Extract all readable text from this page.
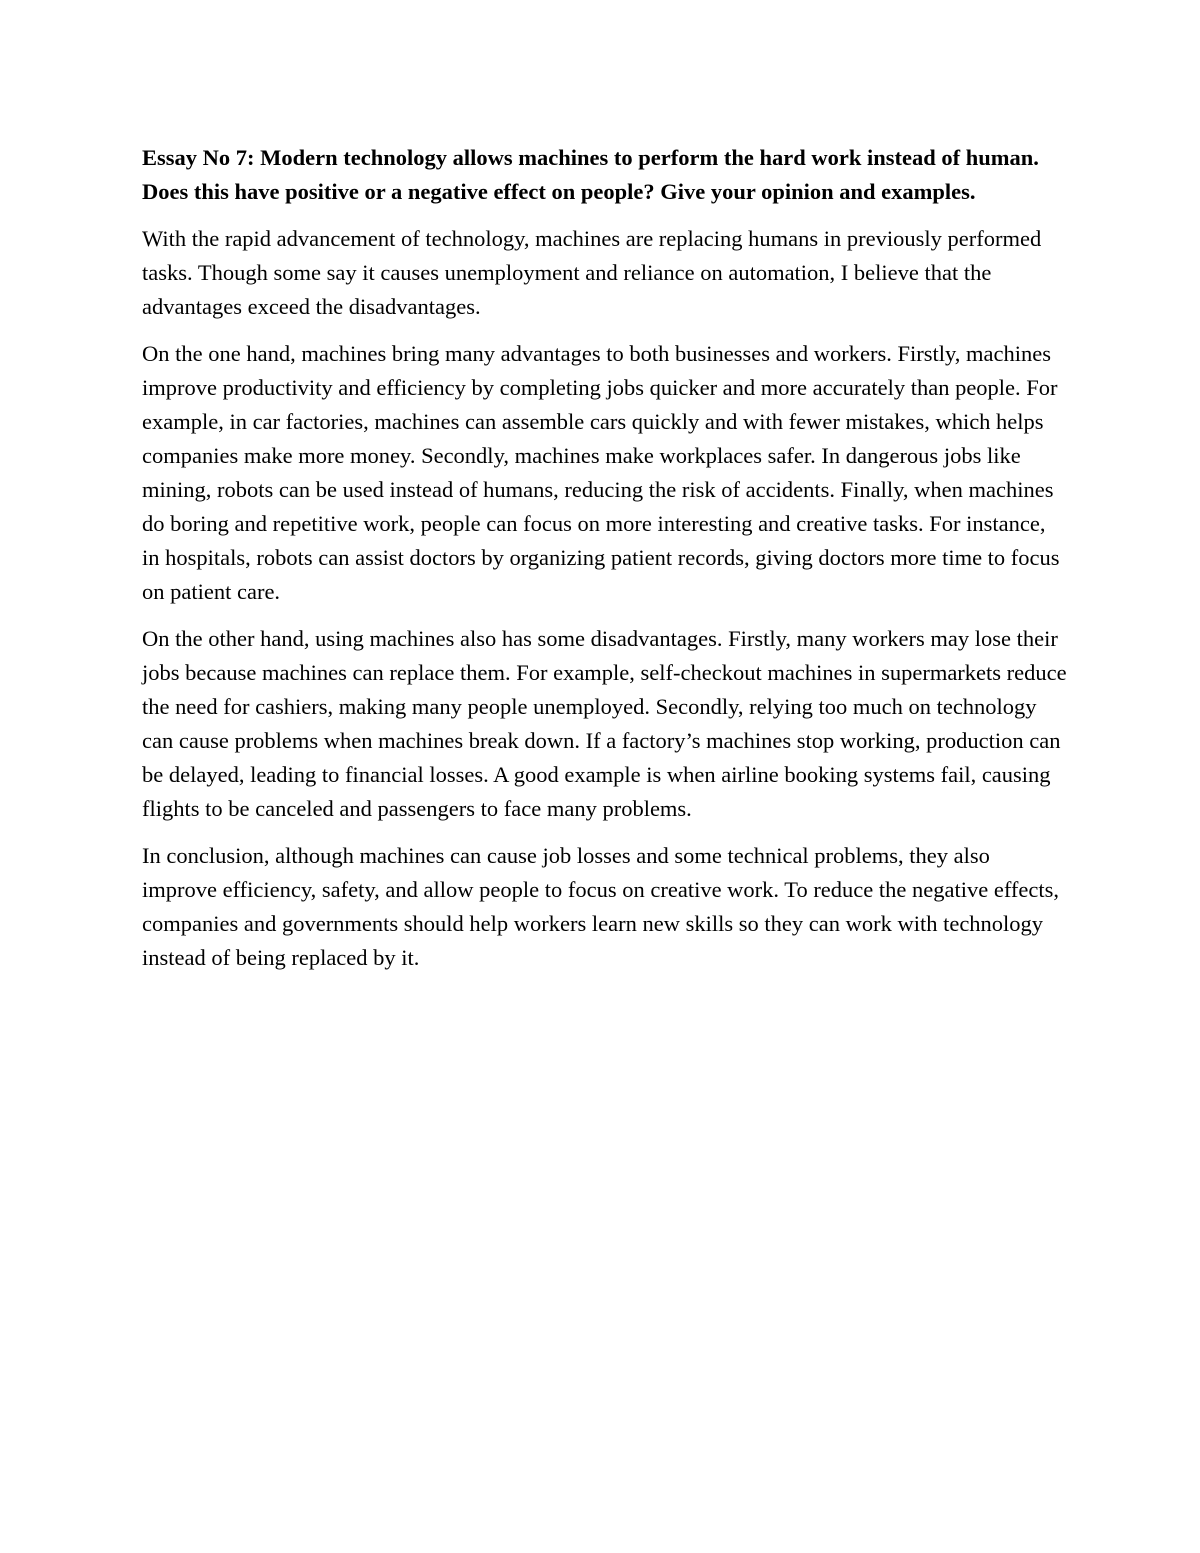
Essay No 7: Modern technology allows machines to perform the hard work instead of human. Does this have positive or a negative effect on people? Give your opinion and examples.

With the rapid advancement of technology, machines are replacing humans in previously performed tasks. Though some say it causes unemployment and reliance on automation, I believe that the advantages exceed the disadvantages.

On the one hand, machines bring many advantages to both businesses and workers. Firstly, machines improve productivity and efficiency by completing jobs quicker and more accurately than people. For example, in car factories, machines can assemble cars quickly and with fewer mistakes, which helps companies make more money. Secondly, machines make workplaces safer. In dangerous jobs like mining, robots can be used instead of humans, reducing the risk of accidents. Finally, when machines do boring and repetitive work, people can focus on more interesting and creative tasks. For instance, in hospitals, robots can assist doctors by organizing patient records, giving doctors more time to focus on patient care.

On the other hand, using machines also has some disadvantages. Firstly, many workers may lose their jobs because machines can replace them. For example, self-checkout machines in supermarkets reduce the need for cashiers, making many people unemployed. Secondly, relying too much on technology can cause problems when machines break down. If a factory’s machines stop working, production can be delayed, leading to financial losses. A good example is when airline booking systems fail, causing flights to be canceled and passengers to face many problems.

In conclusion, although machines can cause job losses and some technical problems, they also improve efficiency, safety, and allow people to focus on creative work. To reduce the negative effects, companies and governments should help workers learn new skills so they can work with technology instead of being replaced by it.
